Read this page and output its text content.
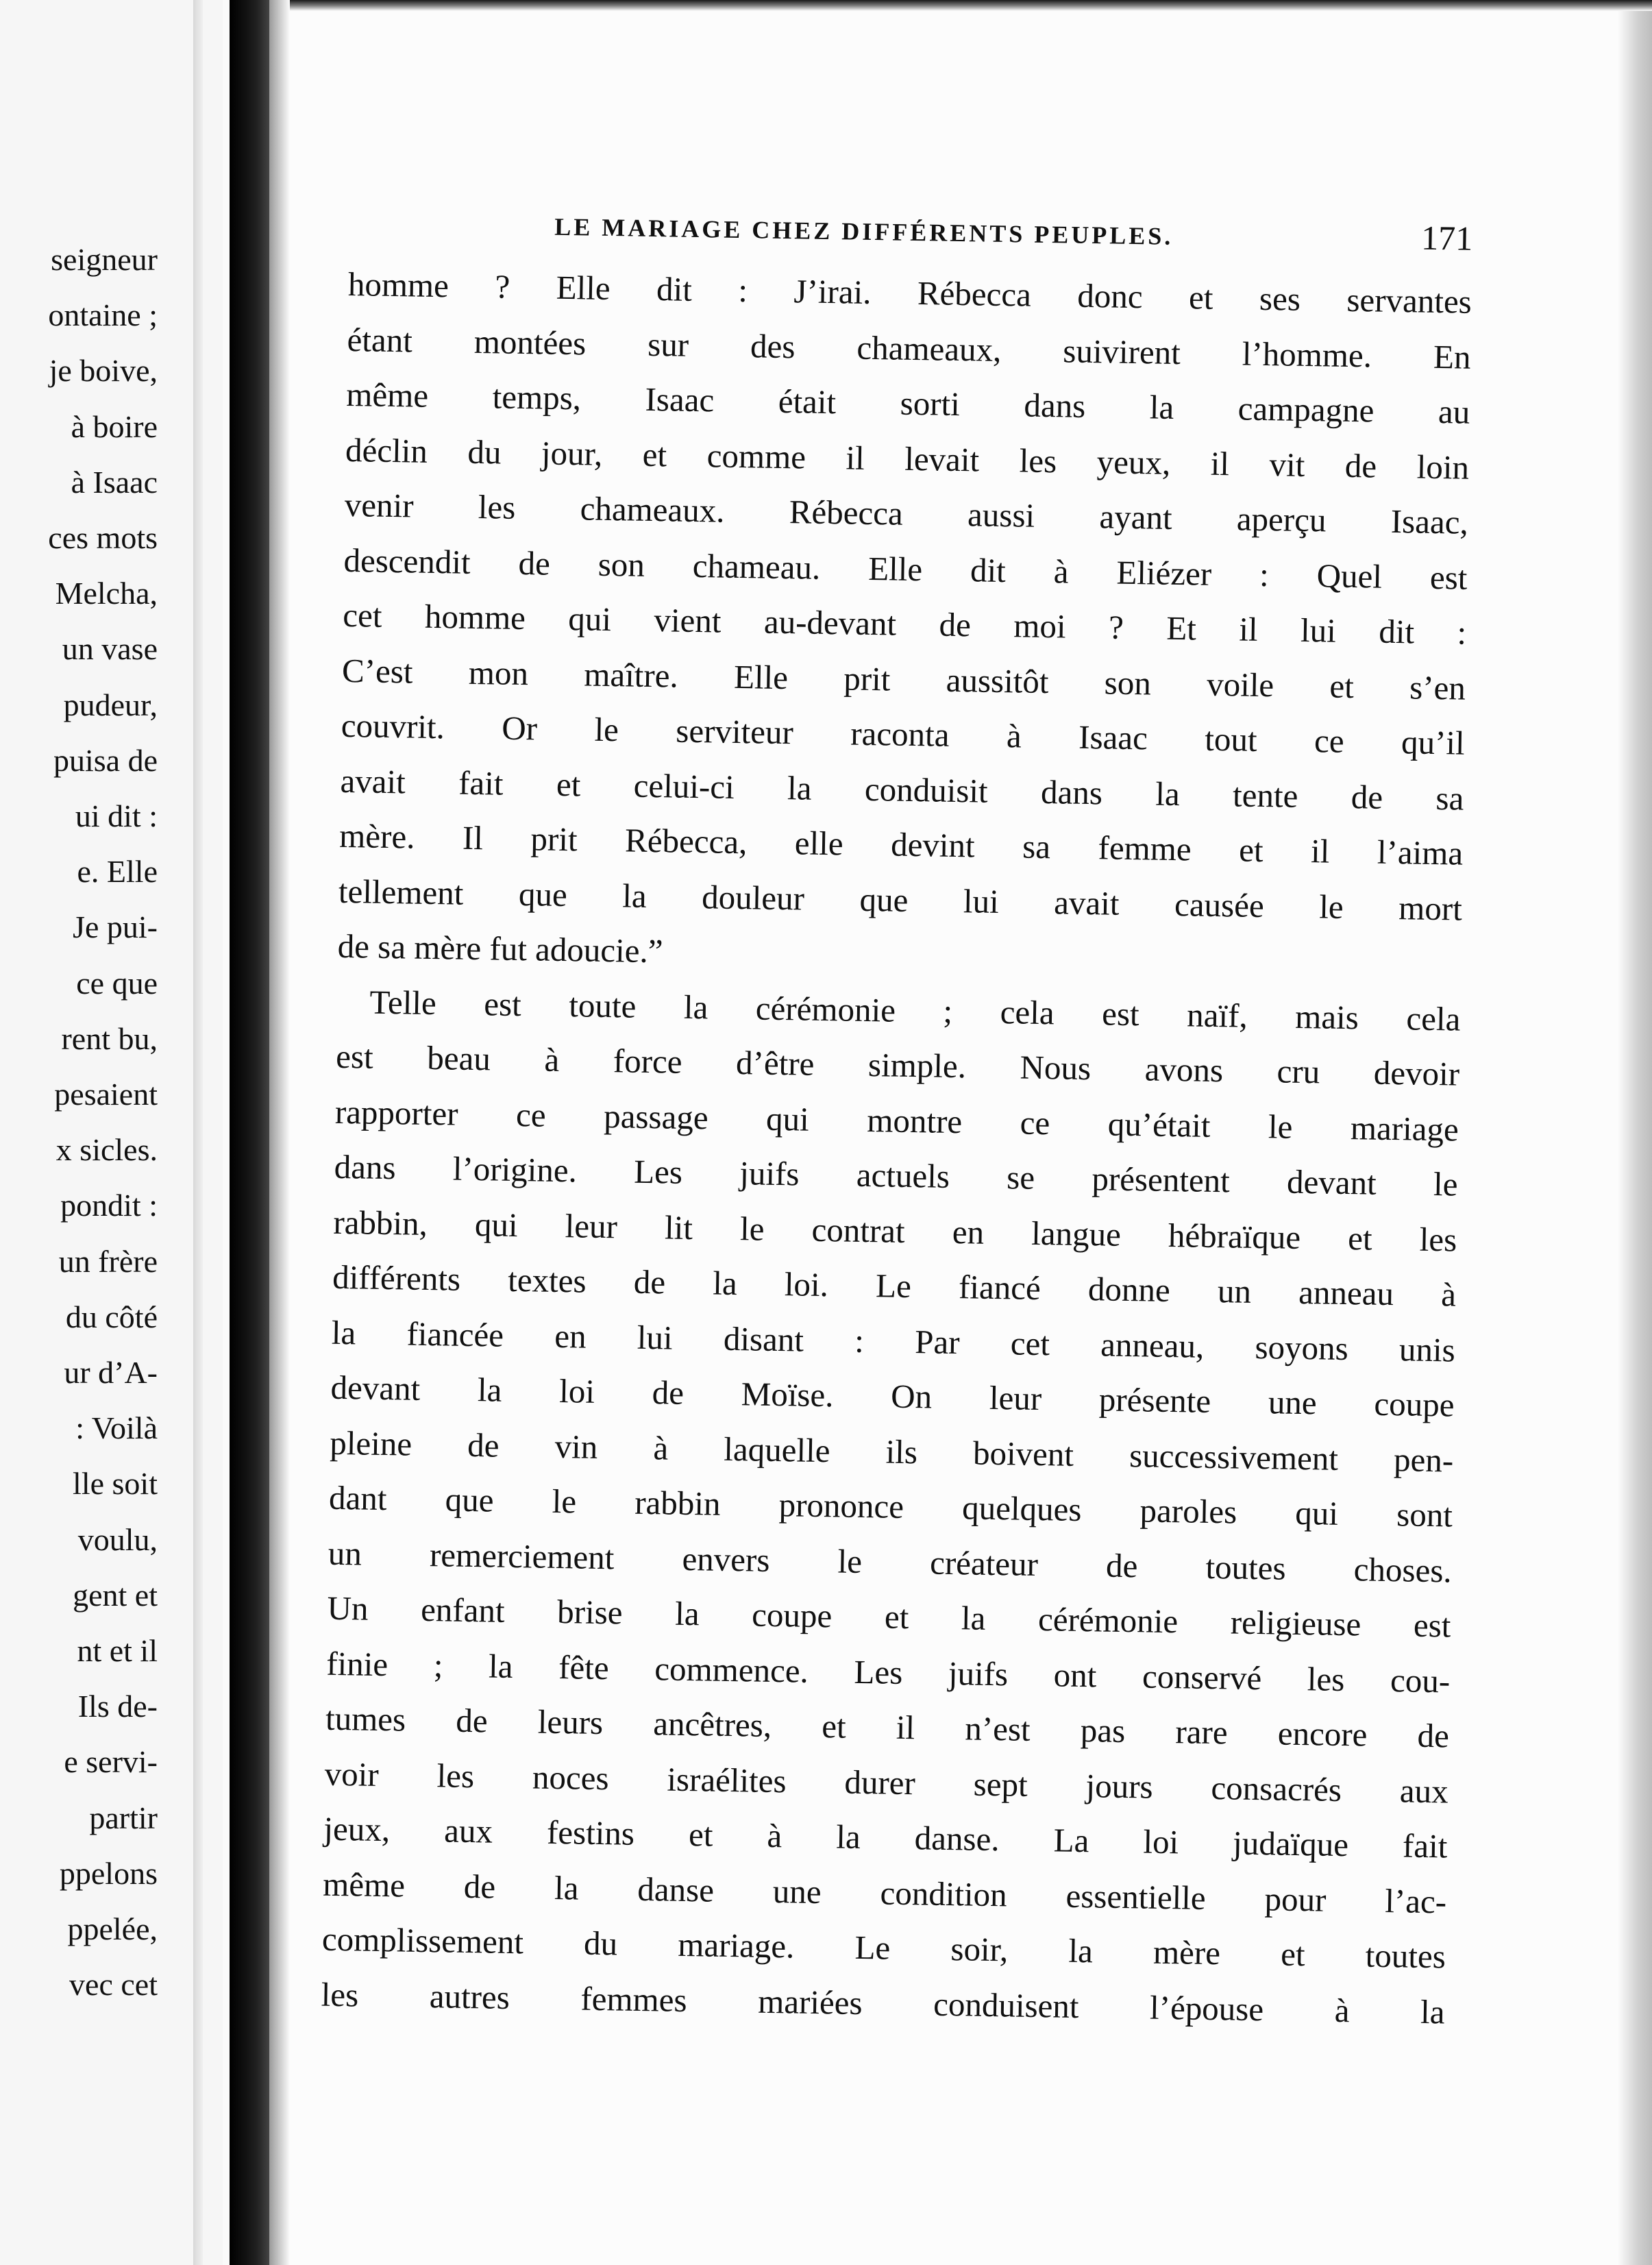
seigneur
ontaine ;
je boive,
à boire
à Isaac
ces mots
Melcha,
un vase
pudeur,
puisa de
ui dit :
e. Elle
Je pui-
ce que
rent bu,
pesaient
x sicles.
pondit :
un frère
du côté
ur d’A-
: Voilà
lle soit
voulu,
gent et
nt et il
Ils de-
e servi-
partir
ppelons
ppelée,
vec cet
LE MARIAGE CHEZ DIFFÉRENTS PEUPLES.	171
homme ? Elle dit : J’irai. Rébecca donc et ses servantes
étant montées sur des chameaux, suivirent l’homme. En
même temps, Isaac était sorti dans la campagne au
déclin du jour, et comme il levait les yeux, il vit de loin
venir les chameaux. Rébecca aussi ayant aperçu Isaac,
descendit de son chameau. Elle dit à Eliézer : Quel est
cet homme qui vient au-devant de moi ? Et il lui dit :
C’est mon maître. Elle prit aussitôt son voile et s’en
couvrit. Or le serviteur raconta à Isaac tout ce qu’il
avait fait et celui-ci la conduisit dans la tente de sa
mère. Il prit Rébecca, elle devint sa femme et il l’aima
tellement que la douleur que lui avait causée le mort
de sa mère fut adoucie.”
Telle est toute la cérémonie ; cela est naïf, mais cela
est beau à force d’être simple. Nous avons cru devoir
rapporter ce passage qui montre ce qu’était le mariage
dans l’origine. Les juifs actuels se présentent devant le
rabbin, qui leur lit le contrat en langue hébraïque et les
différents textes de la loi. Le fiancé donne un anneau à
la fiancée en lui disant : Par cet anneau, soyons unis
devant la loi de Moïse. On leur présente une coupe
pleine de vin à laquelle ils boivent successivement pen-
dant que le rabbin prononce quelques paroles qui sont
un remerciement envers le créateur de toutes choses.
Un enfant brise la coupe et la cérémonie religieuse est
finie ; la fête commence. Les juifs ont conservé les cou-
tumes de leurs ancêtres, et il n’est pas rare encore de
voir les noces israélites durer sept jours consacrés aux
jeux, aux festins et à la danse. La loi judaïque fait
même de la danse une condition essentielle pour l’ac-
complissement du mariage. Le soir, la mère et toutes
les autres femmes mariées conduisent l’épouse à la
